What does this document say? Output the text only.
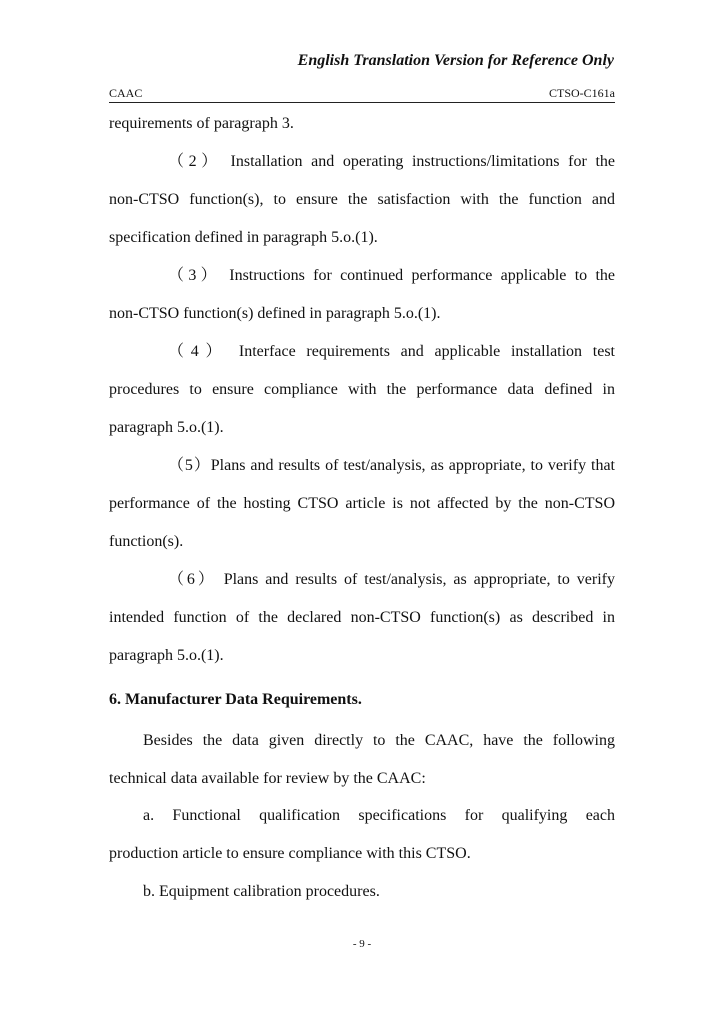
English Translation Version for Reference Only
CAAC	CTSO-C161a
requirements of paragraph 3.
（2） Installation and operating instructions/limitations for the
non-CTSO function(s), to ensure the satisfaction with the function and
specification defined in paragraph 5.o.(1).
（3） Instructions for continued performance applicable to the
non-CTSO function(s) defined in paragraph 5.o.(1).
（4） Interface requirements and applicable installation test
procedures to ensure compliance with the performance data defined in
paragraph 5.o.(1).
（5）Plans and results of test/analysis, as appropriate, to verify that
performance of the hosting CTSO article is not affected by the non-CTSO
function(s).
（6） Plans and results of test/analysis, as appropriate, to verify
intended function of the declared non-CTSO function(s) as described in
paragraph 5.o.(1).
6. Manufacturer Data Requirements.
Besides the data given directly to the CAAC, have the following
technical data available for review by the CAAC:
a. Functional qualification specifications for qualifying each
production article to ensure compliance with this CTSO.
b. Equipment calibration procedures.
- 9 -
